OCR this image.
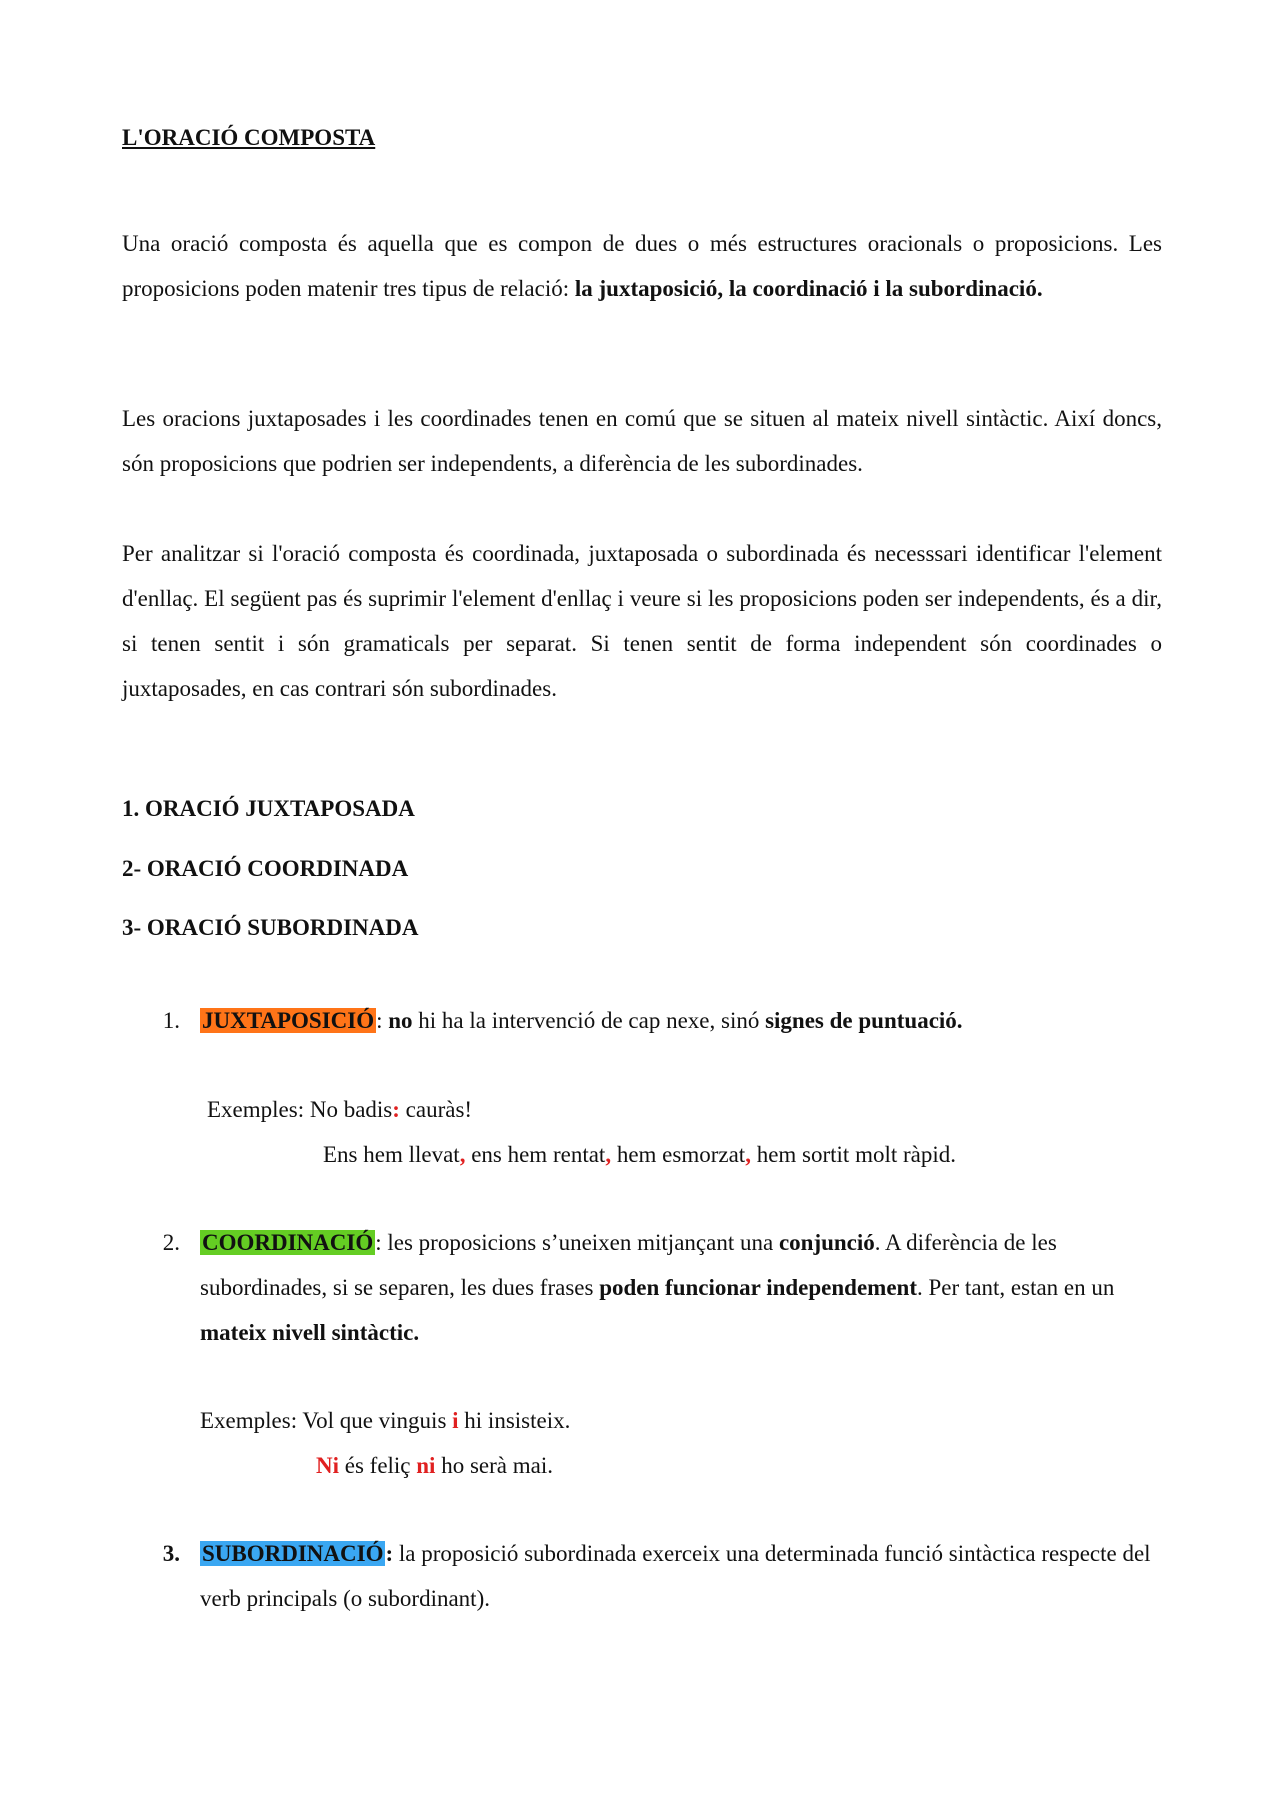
L'ORACIÓ COMPOSTA

Una oració composta és aquella que es compon de dues o més estructures oracionals o proposicions. Les proposicions poden matenir tres tipus de relació: la juxtaposició, la coordinació i la subordinació.

Les oracions juxtaposades i les coordinades tenen en comú que se situen al mateix nivell sintàctic. Així doncs, són proposicions que podrien ser independents, a diferència de les subordinades.

Per analitzar si l'oració composta és coordinada, juxtaposada o subordinada és necesssari identificar l'element d'enllaç. El següent pas és suprimir l'element d'enllaç i veure si les proposicions poden ser independents, és a dir, si tenen sentit i són gramaticals per separat. Si tenen sentit de forma independent són coordinades o juxtaposades, en cas contrari són subordinades.

1. ORACIÓ JUXTAPOSADA

2- ORACIÓ COORDINADA

3- ORACIÓ SUBORDINADA

1. JUXTAPOSICIÓ: no hi ha la intervenció de cap nexe, sinó signes de puntuació.

Exemples: No badis: cauràs!

Ens hem llevat, ens hem rentat, hem esmorzat, hem sortit molt ràpid.

2. COORDINACIÓ: les proposicions s’uneixen mitjançant una conjunció. A diferència de les subordinades, si se separen, les dues frases poden funcionar independement. Per tant, estan en un mateix nivell sintàctic.

Exemples: Vol que vinguis i hi insisteix.

Ni és feliç ni ho serà mai.

3. SUBORDINACIÓ: la proposició subordinada exerceix una determinada funció sintàctica respecte del verb principals (o subordinant).
